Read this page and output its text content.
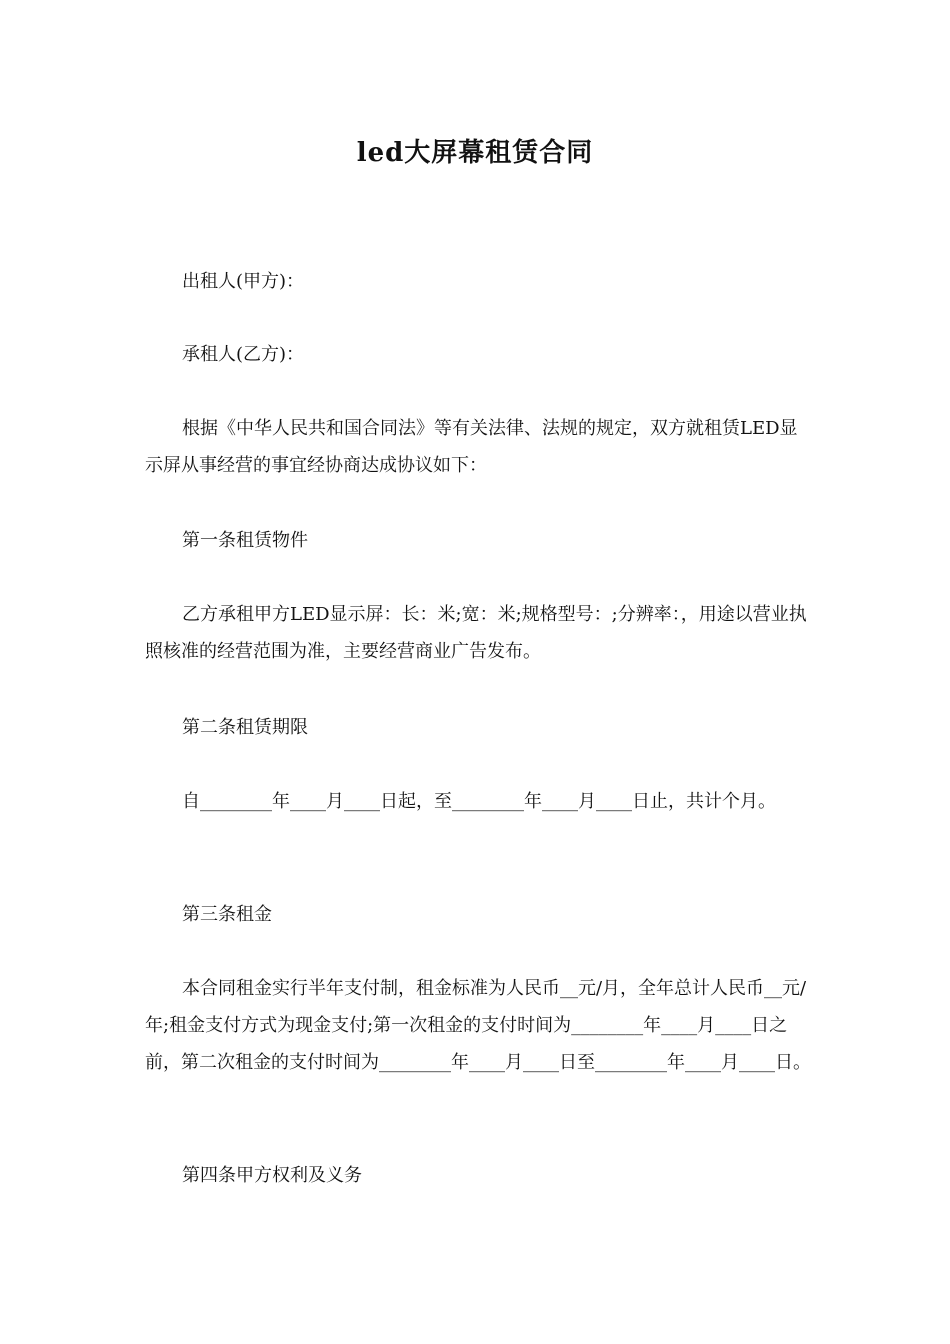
led大屏幕租赁合同
出租人(甲方)：
承租人(乙方)：
根据《中华人民共和国合同法》等有关法律、法规的规定，双方就租赁LED显示屏从事经营的事宜经协商达成协议如下：
第一条租赁物件
乙方承租甲方LED显示屏：长：米;宽：米;规格型号：;分辨率：，用途以营业执照核准的经营范围为准，主要经营商业广告发布。
第二条租赁期限
自________年____月____日起，至________年____月____日止，共计个月。
第三条租金
本合同租金实行半年支付制，租金标准为人民币__元/月，全年总计人民币__元/年;租金支付方式为现金支付;第一次租金的支付时间为________年____月____日之前，第二次租金的支付时间为________年____月____日至________年____月____日。
第四条甲方权利及义务
